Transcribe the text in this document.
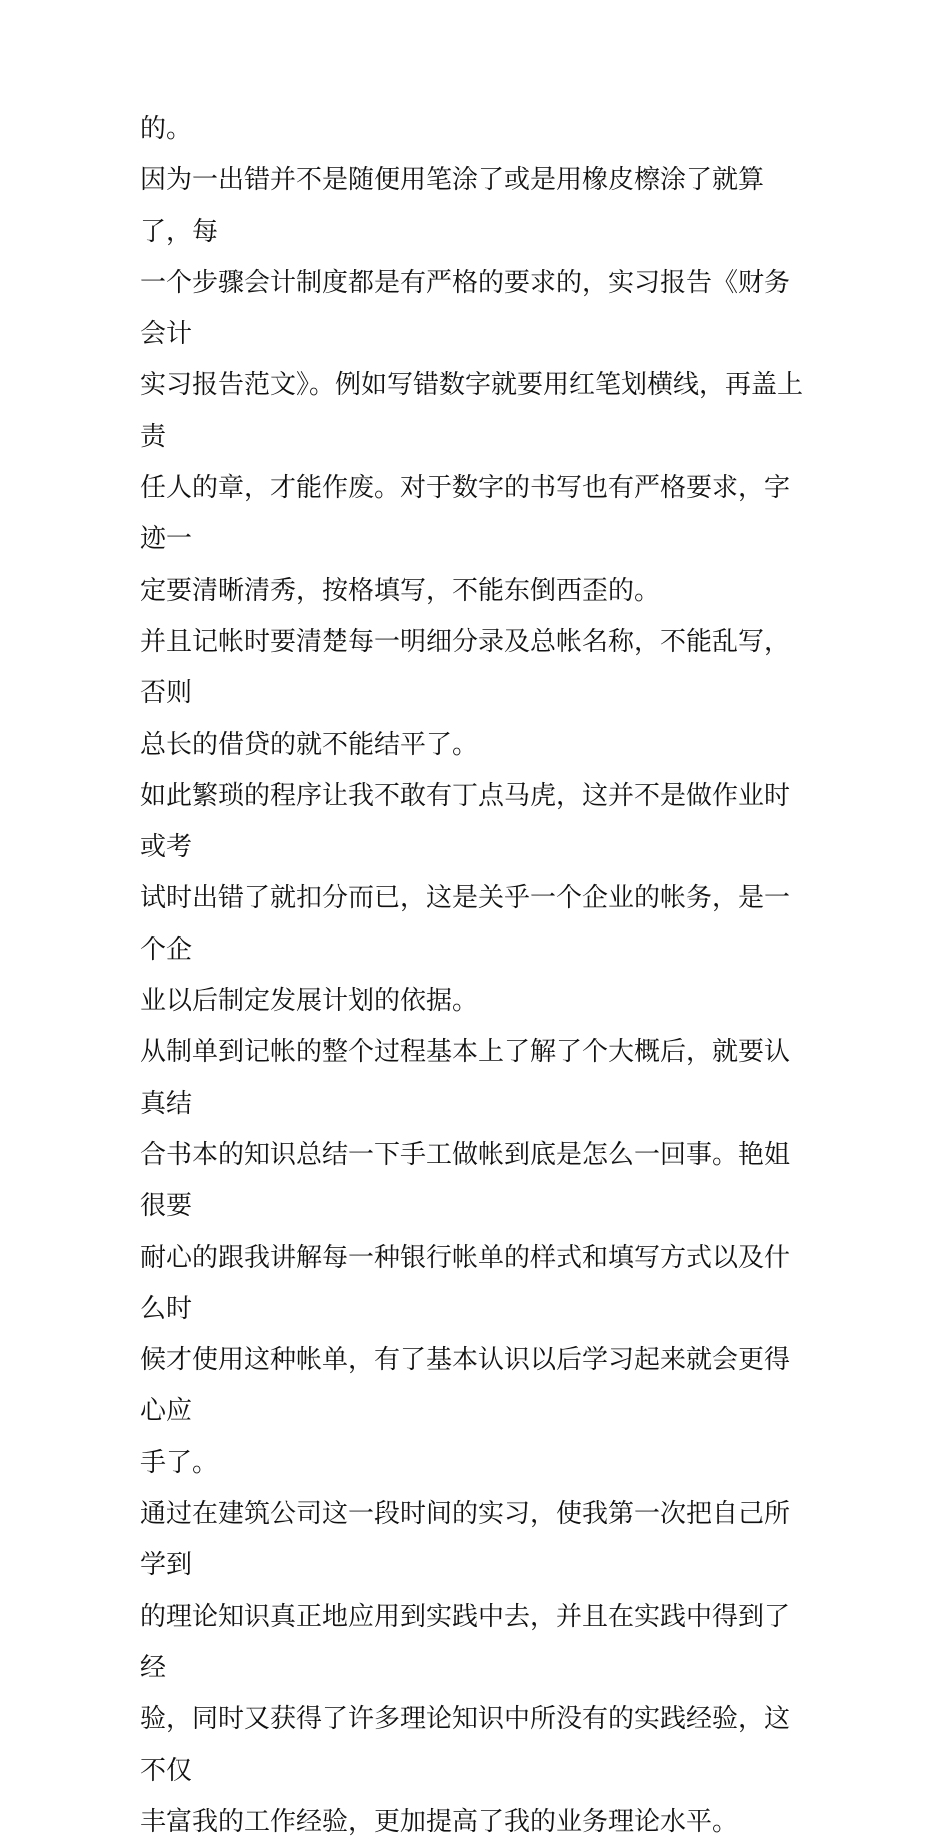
的。

因为一出错并不是随便用笔涂了或是用橡皮檫涂了就算了，每
一个步骤会计制度都是有严格的要求的，实习报告《财务会计
实习报告范文》。例如写错数字就要用红笔划横线，再盖上责
任人的章，才能作废。对于数字的书写也有严格要求，字迹一
定要清晰清秀，按格填写，不能东倒西歪的。

并且记帐时要清楚每一明细分录及总帐名称，不能乱写，否则
总长的借贷的就不能结平了。

如此繁琐的程序让我不敢有丁点马虎，这并不是做作业时或考
试时出错了就扣分而已，这是关乎一个企业的帐务，是一个企
业以后制定发展计划的依据。

从制单到记帐的整个过程基本上了解了个大概后，就要认真结
合书本的知识总结一下手工做帐到底是怎么一回事。艳姐很要
耐心的跟我讲解每一种银行帐单的样式和填写方式以及什么时
候才使用这种帐单，有了基本认识以后学习起来就会更得心应
手了。

通过在建筑公司这一段时间的实习，使我第一次把自己所学到
的理论知识真正地应用到实践中去，并且在实践中得到了经
验，同时又获得了许多理论知识中所没有的实践经验，这不仅
丰富我的工作经验，更加提高了我的业务理论水平。
